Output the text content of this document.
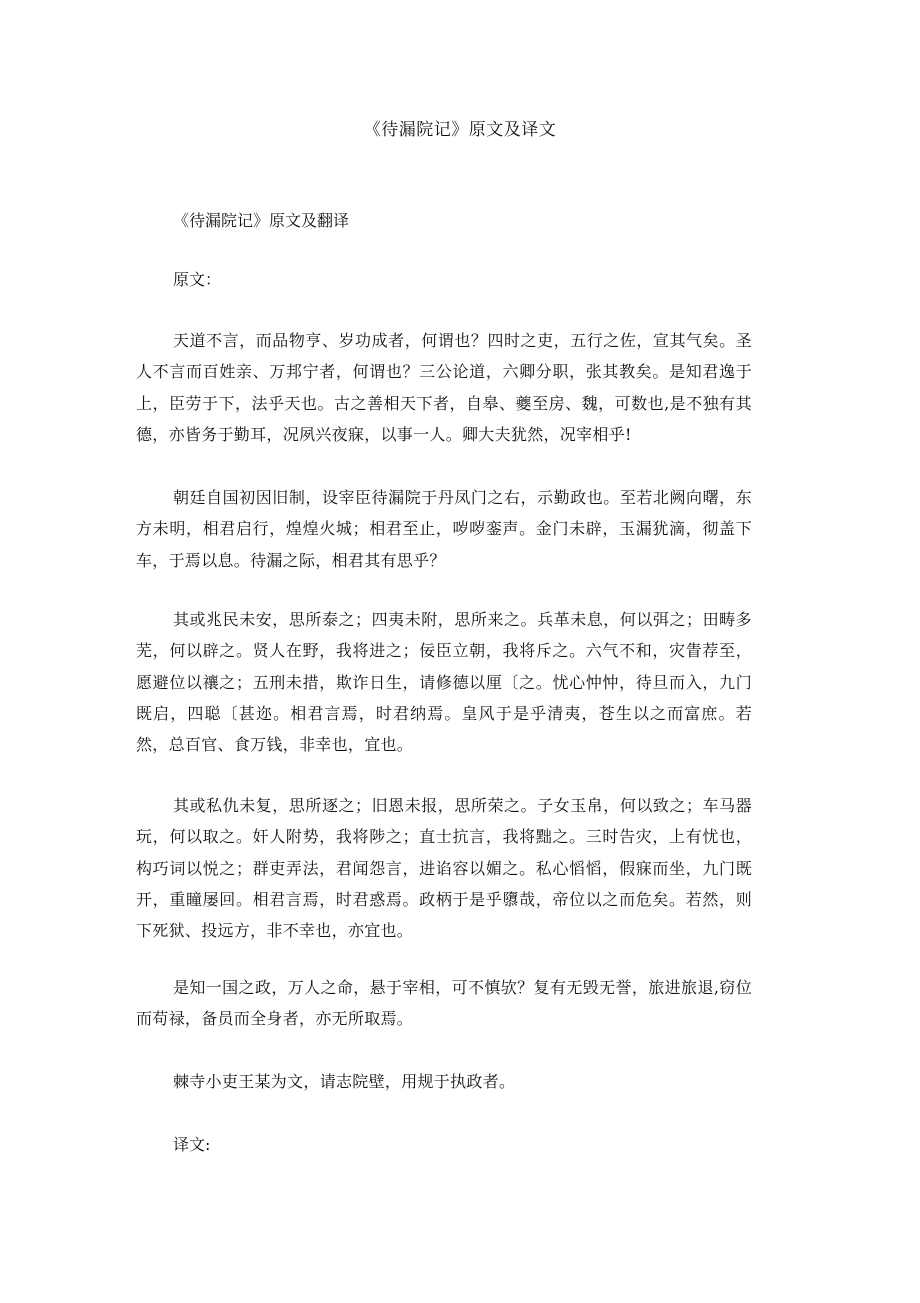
《待漏院记》原文及译文
《待漏院记》原文及翻译
原文：
天道不言，而品物亨、岁功成者，何谓也？四时之吏，五行之佐，宣其气矣。圣人不言而百姓亲、万邦宁者，何谓也？三公论道，六卿分职，张其教矣。是知君逸于上，臣劳于下，法乎天也。古之善相天下者，自皋、夔至房、魏，可数也,是不独有其德，亦皆务于勤耳，况夙兴夜寐，以事一人。卿大夫犹然，况宰相乎!
朝廷自国初因旧制，设宰臣待漏院于丹凤门之右，示勤政也。至若北阙向曙，东方未明，相君启行，煌煌火城；相君至止，哕哕銮声。金门未辟，玉漏犹滴，彻盖下车，于焉以息。待漏之际，相君其有思乎？
其或兆民未安，思所泰之；四夷未附，思所来之。兵革未息，何以弭之；田畴多芜，何以辟之。贤人在野，我将进之；佞臣立朝，我将斥之。六气不和，灾眚荐至，愿避位以禳之；五刑未措，欺诈日生，请修德以厘〔之。忧心忡忡，待旦而入，九门既启，四聪〔甚迩。相君言焉，时君纳焉。皇风于是乎清夷，苍生以之而富庶。若然，总百官、食万钱，非幸也，宜也。
其或私仇未复，思所逐之；旧恩未报，思所荣之。子女玉帛，何以致之；车马器玩，何以取之。奸人附势，我将陟之；直士抗言，我将黜之。三时告灾，上有忧也，构巧词以悦之；群吏弄法，君闻怨言，进谄容以媚之。私心慆慆，假寐而坐，九门既开，重瞳屡回。相君言焉，时君惑焉。政柄于是乎隳哉，帝位以之而危矣。若然，则下死狱、投远方，非不幸也，亦宜也。
是知一国之政，万人之命，悬于宰相，可不慎欤？复有无毁无誉，旅进旅退,窃位而苟禄，备员而全身者，亦无所取焉。
棘寺小吏王某为文，请志院壁，用规于执政者。
译文:
